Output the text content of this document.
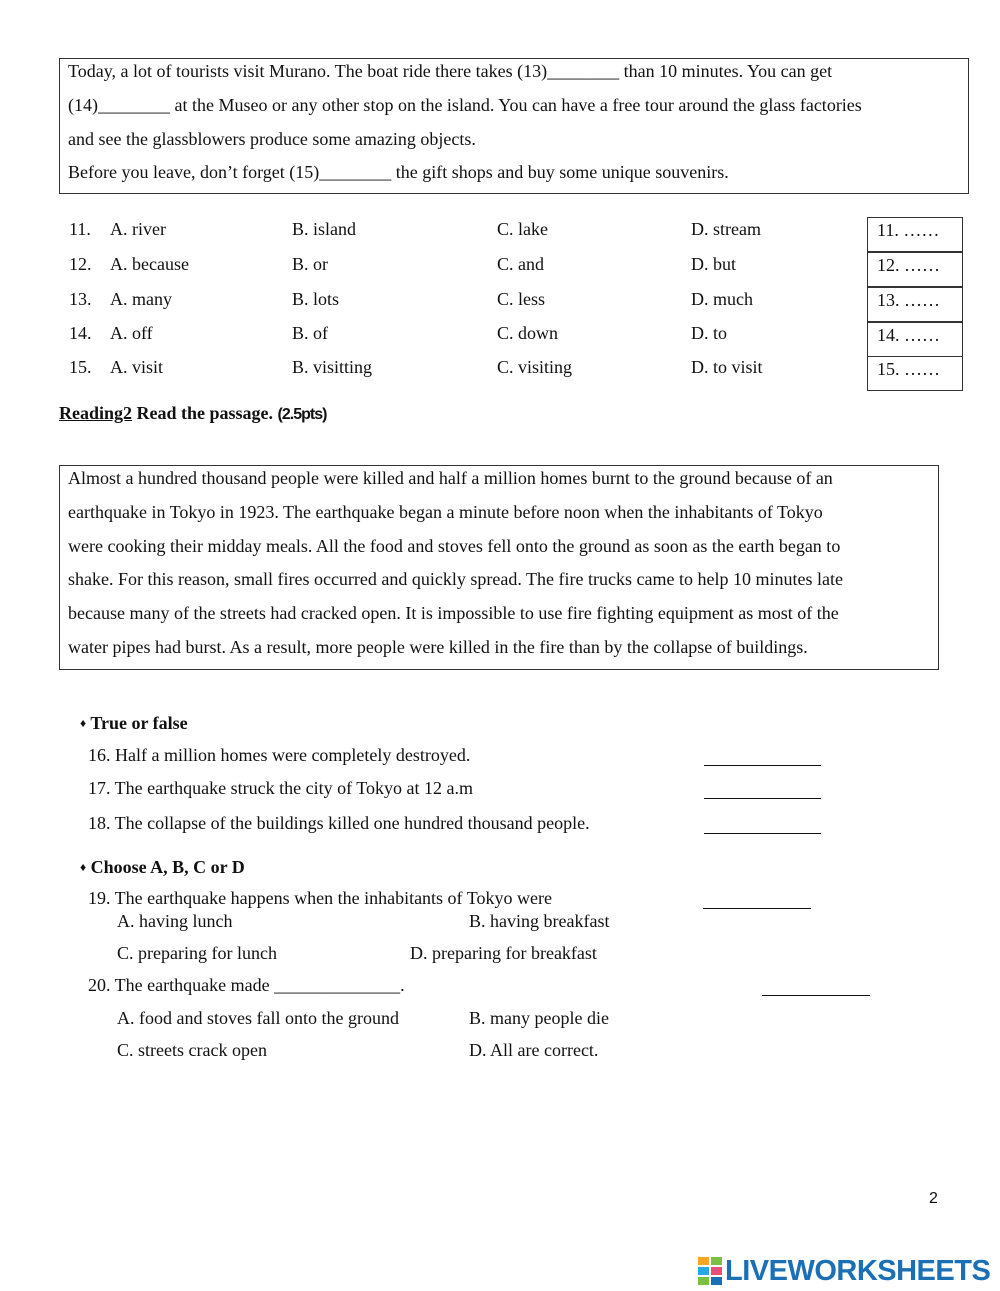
Today, a lot of tourists visit Murano. The boat ride there takes (13)________ than 10 minutes. You can get
(14)________ at the Museo or any other stop on the island. You can have a free tour around the glass factories
and see the glassblowers produce some amazing objects.
Before you leave, don’t forget (15)________ the gift shops and buy some unique souvenirs.
11. A. river	B. island	C. lake	D. stream
12. A. because	B. or	C. and	D. but
13. A. many	B. lots	C. less	D. much
14. A. off	B. of	C. down	D. to
15. A. visit	B. visitting	C. visiting	D. to visit
11. ……
12. ……
13. ……
14. ……
15. ……
Reading2 Read the passage. (2.5pts)
Almost a hundred thousand people were killed and half a million homes burnt to the ground because of an
earthquake in Tokyo in 1923. The earthquake began a minute before noon when the inhabitants of Tokyo
were cooking their midday meals. All the food and stoves fell onto the ground as soon as the earth began to
shake. For this reason, small fires occurred and quickly spread. The fire trucks came to help 10 minutes late
because many of the streets had cracked open. It is impossible to use fire fighting equipment as most of the
water pipes had burst. As a result, more people were killed in the fire than by the collapse of buildings.
♦ True or false
16. Half a million homes were completely destroyed.
17. The earthquake struck the city of Tokyo at 12 a.m
18. The collapse of the buildings killed one hundred thousand people.
♦ Choose A, B, C or D
19. The earthquake happens when the inhabitants of Tokyo were
A. having lunch	B. having breakfast
C. preparing for lunch	D. preparing for breakfast
20. The earthquake made ______________.
A. food and stoves fall onto the ground	B. many people die
C. streets crack open	D. All are correct.
2
LIVEWORKSHEETS
